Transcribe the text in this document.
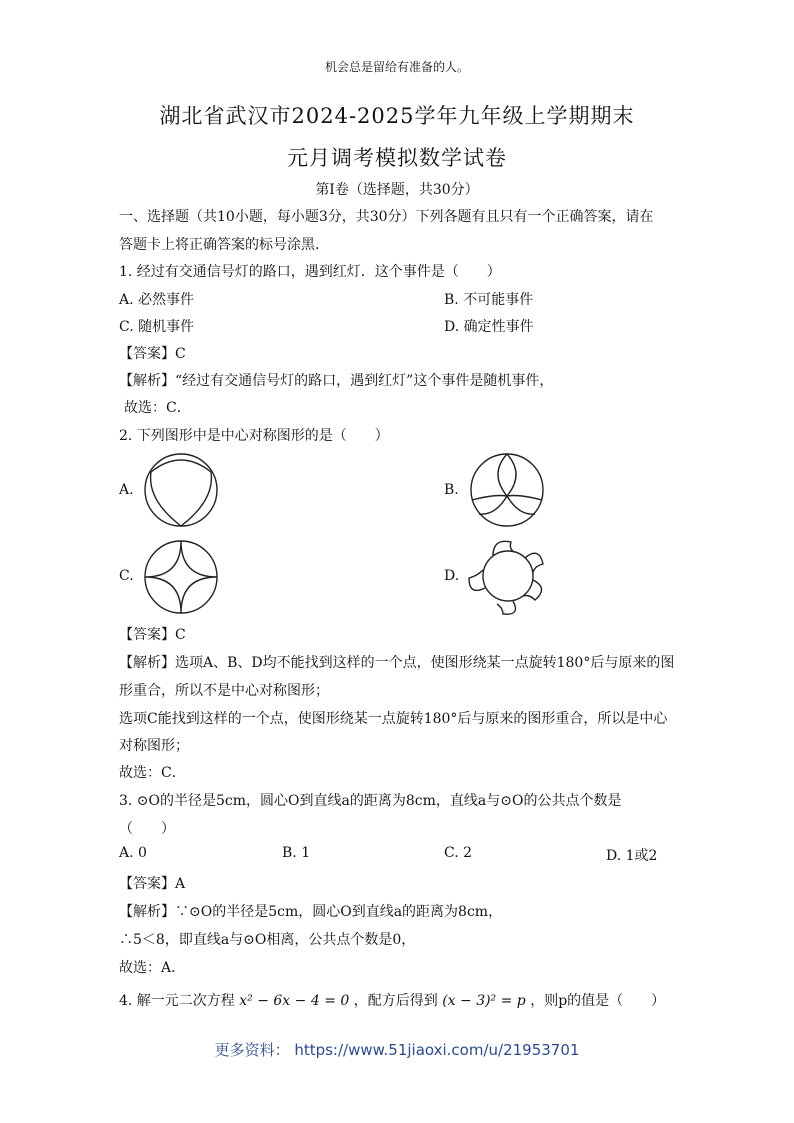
机会总是留给有准备的人。
湖北省武汉市2024-2025学年九年级上学期期末
元月调考模拟数学试卷
第I卷（选择题，共30分）
一、选择题（共10小题，每小题3分，共30分）下列各题有且只有一个正确答案，请在
答题卡上将正确答案的标号涂黑．
1. 经过有交通信号灯的路口，遇到红灯．这个事件是（　　）
A. 必然事件	B. 不可能事件
C. 随机事件	D. 确定性事件
【答案】C
【解析】“经过有交通信号灯的路口，遇到红灯”这个事件是随机事件，
故选：C．
2. 下列图形中是中心对称图形的是（　　）
A.	B.
C.	D.
【答案】C
【解析】选项A、B、D均不能找到这样的一个点，使图形绕某一点旋转180°后与原来的图
形重合，所以不是中心对称图形；
选项C能找到这样的一个点，使图形绕某一点旋转180°后与原来的图形重合，所以是中心
对称图形；
故选：C．
3. ⊙O的半径是5cm，圆心O到直线a的距离为8cm，直线a与⊙O的公共点个数是
（　　）
A. 0	B. 1	C. 2	D. 1或2
【答案】A
【解析】∵⊙O的半径是5cm，圆心O到直线a的距离为8cm，
∴5＜8，即直线a与⊙O相离，公共点个数是0，
故选：A．
4. 解一元二次方程 x² − 6x − 4 = 0 ，配方后得到 (x − 3)² = p ，则p的值是（　　）
更多资料： https://www.51jiaoxi.com/u/21953701
